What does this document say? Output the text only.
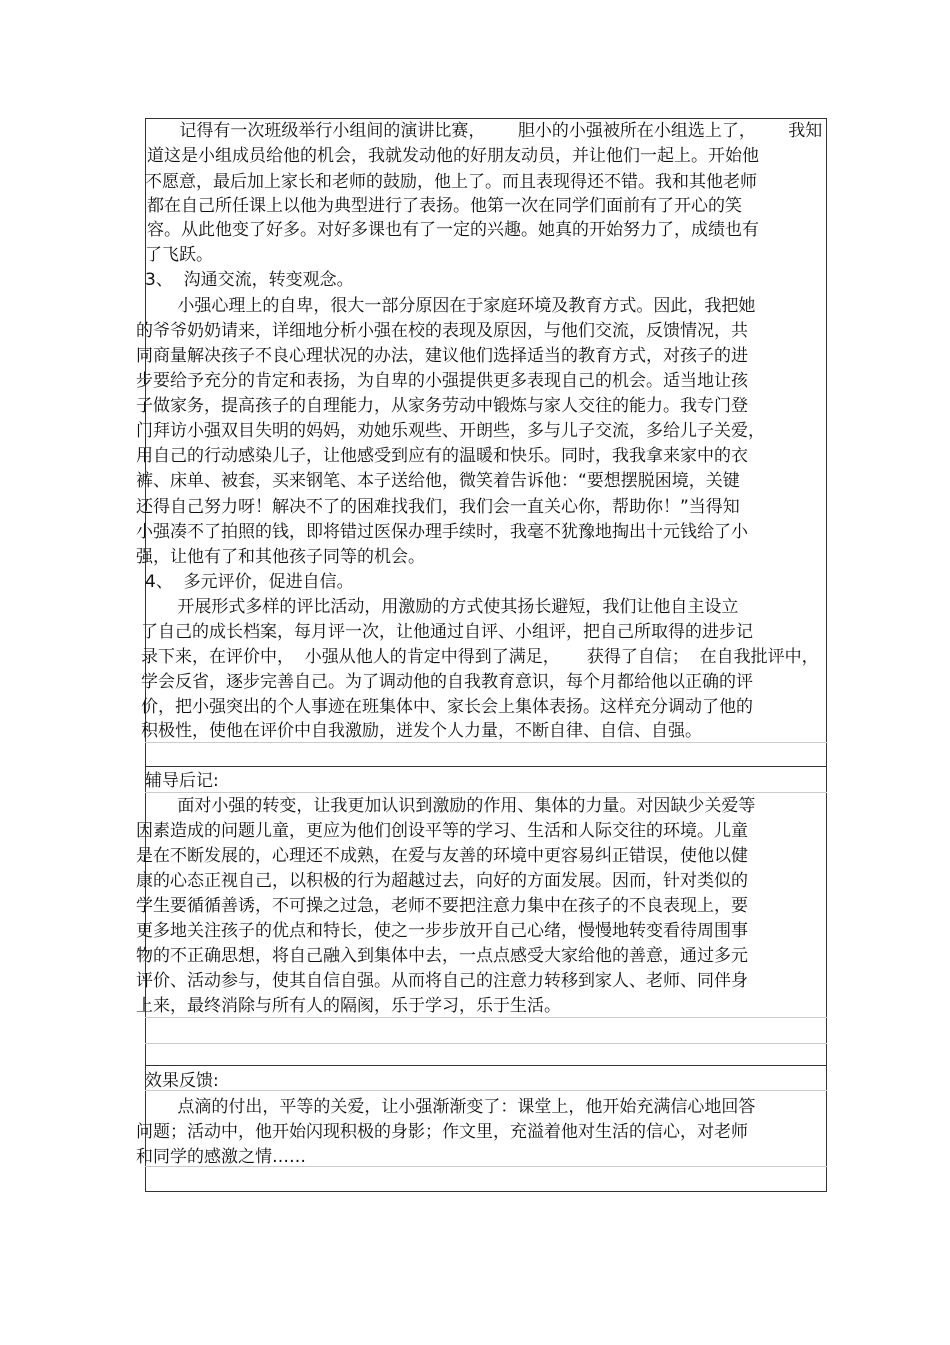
记得有一次班级举行小组间的演讲比赛，      胆小的小强被所在小组选上了，      我知
道这是小组成员给他的机会，我就发动他的好朋友动员，并让他们一起上。开始他
不愿意，最后加上家长和老师的鼓励，他上了。而且表现得还不错。我和其他老师
都在自己所任课上以他为典型进行了表扬。他第一次在同学们面前有了开心的笑
容。从此他变了好多。对好多课也有了一定的兴趣。她真的开始努力了，成绩也有
了飞跃。
3、  沟通交流，转变观念。
小强心理上的自卑，很大一部分原因在于家庭环境及教育方式。因此，我把她
的爷爷奶奶请来，详细地分析小强在校的表现及原因，与他们交流，反馈情况，共
同商量解决孩子不良心理状况的办法，建议他们选择适当的教育方式，对孩子的进
步要给予充分的肯定和表扬，为自卑的小强提供更多表现自己的机会。适当地让孩
子做家务，提高孩子的自理能力，从家务劳动中锻炼与家人交往的能力。我专门登
门拜访小强双目失明的妈妈，劝她乐观些、开朗些，多与儿子交流，多给儿子关爱，
用自己的行动感染儿子，让他感受到应有的温暖和快乐。同时，我我拿来家中的衣
裤、床单、被套，买来钢笔、本子送给他，微笑着告诉他：“要想摆脱困境，关键
还得自己努力呀！解决不了的困难找我们，我们会一直关心你，帮助你！”当得知
小强凑不了拍照的钱，即将错过医保办理手续时，我毫不犹豫地掏出十元钱给了小
强，让他有了和其他孩子同等的机会。
4、  多元评价，促进自信。
开展形式多样的评比活动，用激励的方式使其扬长避短，我们让他自主设立
了自己的成长档案，每月评一次，让他通过自评、小组评，把自己所取得的进步记
录下来，在评价中，  小强从他人的肯定中得到了满足，     获得了自信；  在自我批评中，
学会反省，逐步完善自己。为了调动他的自我教育意识，每个月都给他以正确的评
价，把小强突出的个人事迹在班集体中、家长会上集体表扬。这样充分调动了他的
积极性，使他在评价中自我激励，迸发个人力量，不断自律、自信、自强。
辅导后记:
面对小强的转变，让我更加认识到激励的作用、集体的力量。对因缺少关爱等
因素造成的问题儿童，更应为他们创设平等的学习、生活和人际交往的环境。儿童
是在不断发展的，心理还不成熟，在爱与友善的环境中更容易纠正错误，使他以健
康的心态正视自己，以积极的行为超越过去，向好的方面发展。因而，针对类似的
学生要循循善诱，不可操之过急，老师不要把注意力集中在孩子的不良表现上，要
更多地关注孩子的优点和特长，使之一步步放开自己心绪，慢慢地转变看待周围事
物的不正确思想，将自己融入到集体中去，一点点感受大家给他的善意，通过多元
评价、活动参与，使其自信自强。从而将自己的注意力转移到家人、老师、同伴身
上来，最终消除与所有人的隔阂，乐于学习，乐于生活。
效果反馈:
点滴的付出，平等的关爱，让小强渐渐变了：课堂上，他开始充满信心地回答
问题；活动中，他开始闪现积极的身影；作文里，充溢着他对生活的信心，对老师
和同学的感激之情……
